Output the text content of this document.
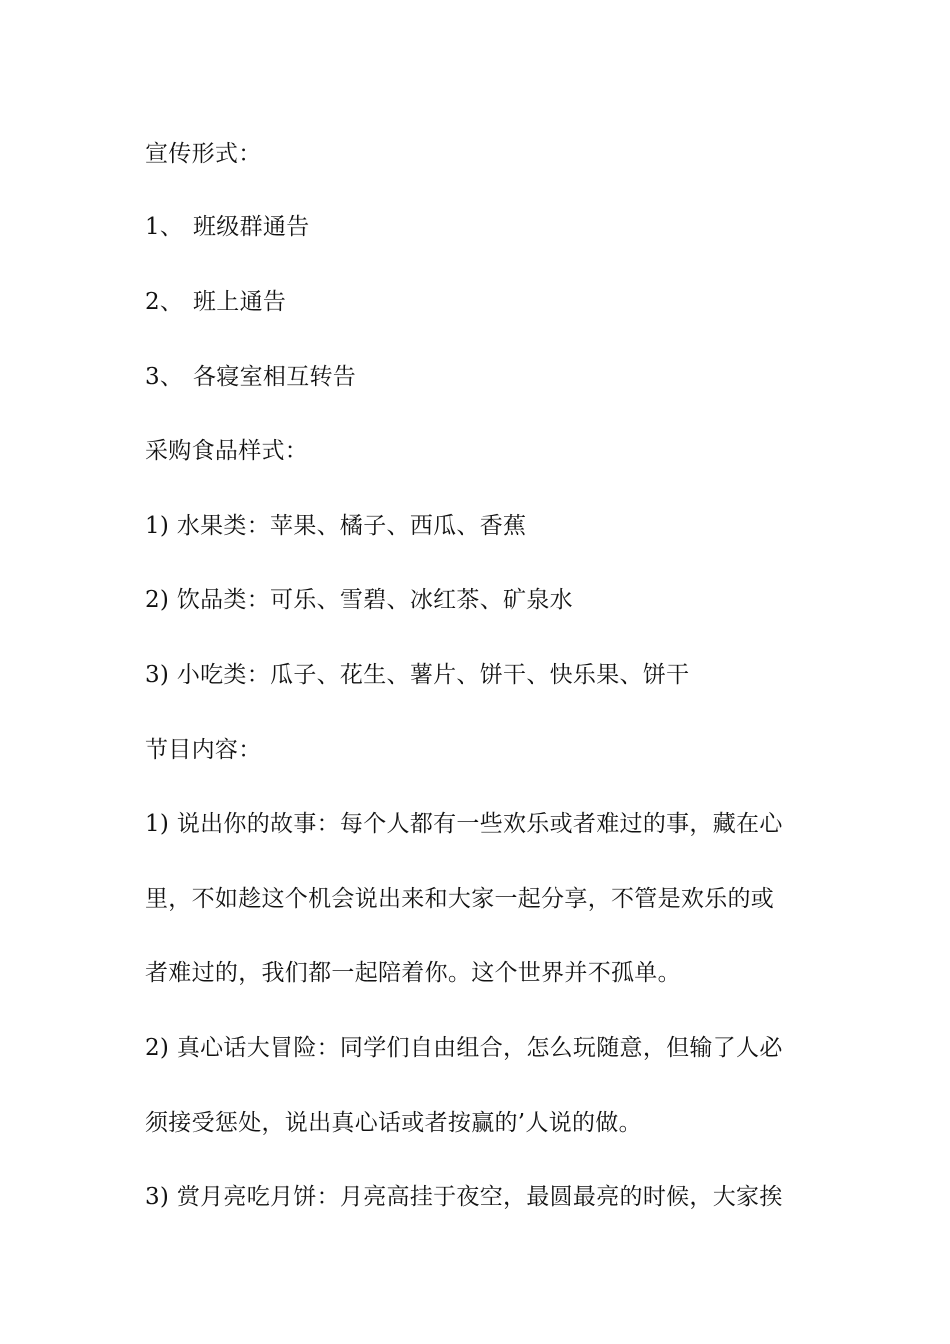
宣传形式：
1、 班级群通告
2、 班上通告
3、 各寝室相互转告
采购食品样式：
1) 水果类：苹果、橘子、西瓜、香蕉
2) 饮品类：可乐、雪碧、冰红茶、矿泉水
3) 小吃类：瓜子、花生、薯片、饼干、快乐果、饼干
节目内容：
1) 说出你的故事：每个人都有一些欢乐或者难过的事，藏在心
里，不如趁这个机会说出来和大家一起分享，不管是欢乐的或
者难过的，我们都一起陪着你。这个世界并不孤单。
2) 真心话大冒险：同学们自由组合，怎么玩随意，但输了人必
须接受惩处，说出真心话或者按赢的’人说的做。
3) 赏月亮吃月饼：月亮高挂于夜空，最圆最亮的时候，大家挨
